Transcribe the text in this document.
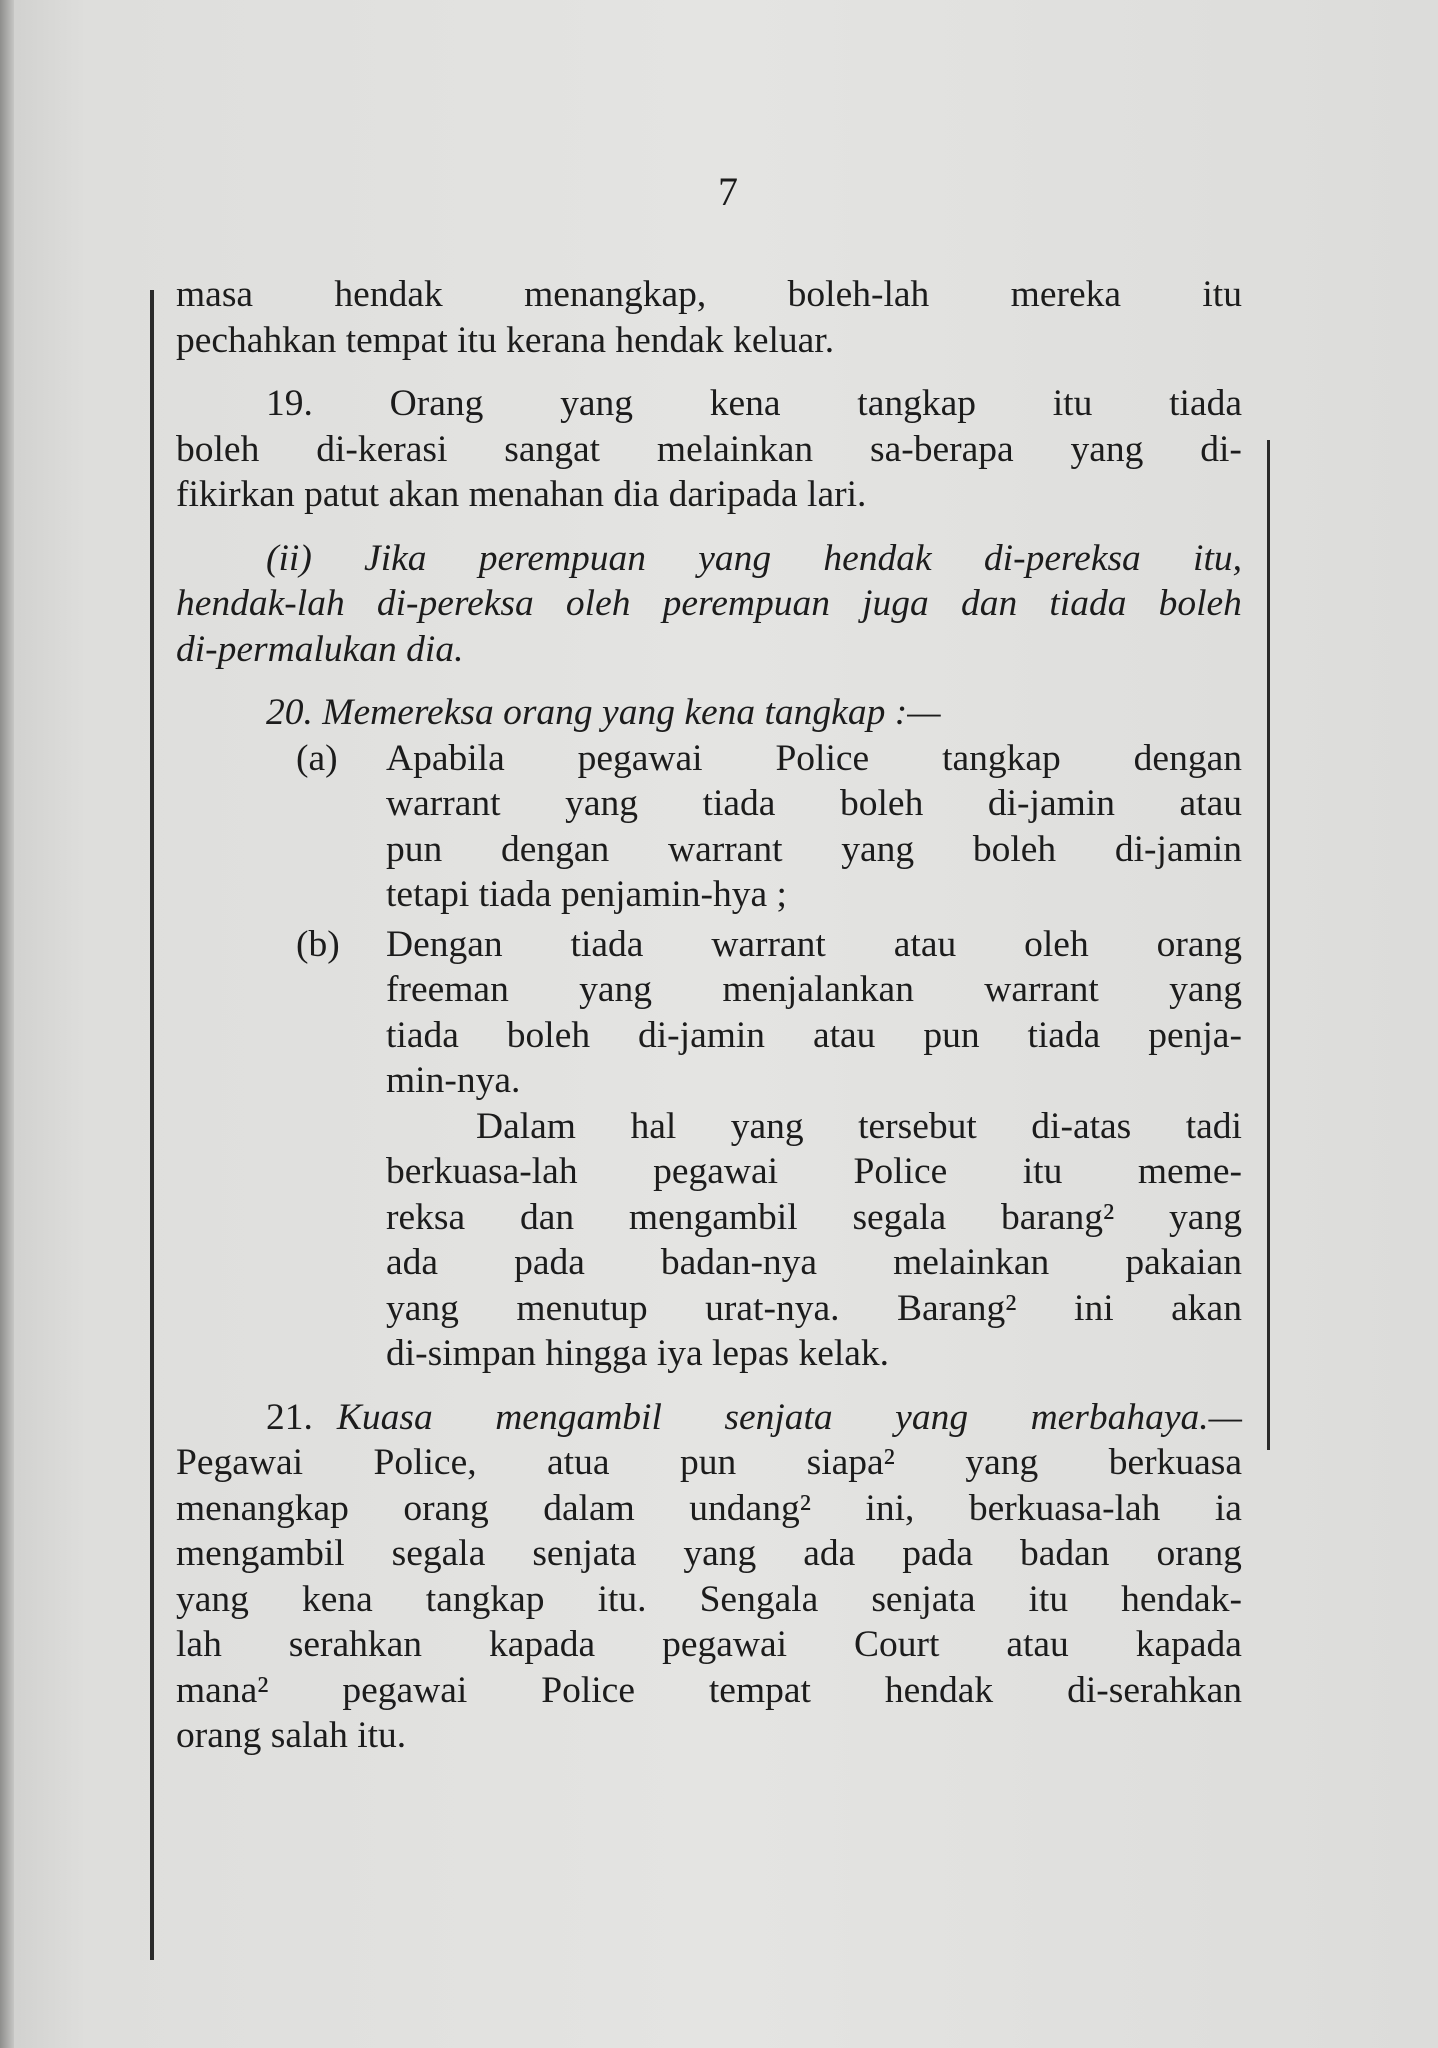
7
masa hendak menangkap, boleh-lah mereka itu
pechahkan tempat itu kerana hendak keluar.
19. Orang yang kena tangkap itu tiada
boleh di-kerasi sangat melainkan sa-berapa yang di-
fikirkan patut akan menahan dia daripada lari.
(ii) Jika perempuan yang hendak di-pereksa itu,
hendak-lah di-pereksa oleh perempuan juga dan tiada boleh
di-permalukan dia.
20. Memereksa orang yang kena tangkap :—
(a) Apabila pegawai Police tangkap dengan
warrant yang tiada boleh di-jamin atau
pun dengan warrant yang boleh di-jamin
tetapi tiada penjamin-hya ;
(b) Dengan tiada warrant atau oleh orang
freeman yang menjalankan warrant yang
tiada boleh di-jamin atau pun tiada penja-
min-nya.
Dalam hal yang tersebut di-atas tadi
berkuasa-lah pegawai Police itu meme-
reksa dan mengambil segala barang² yang
ada pada badan-nya melainkan pakaian
yang menutup urat-nya. Barang² ini akan
di-simpan hingga iya lepas kelak.
21. Kuasa mengambil senjata yang merbahaya.—
Pegawai Police, atua pun siapa² yang berkuasa
menangkap orang dalam undang² ini, berkuasa-lah ia
mengambil segala senjata yang ada pada badan orang
yang kena tangkap itu. Sengala senjata itu hendak-
lah serahkan kapada pegawai Court atau kapada
mana² pegawai Police tempat hendak di-serahkan
orang salah itu.
